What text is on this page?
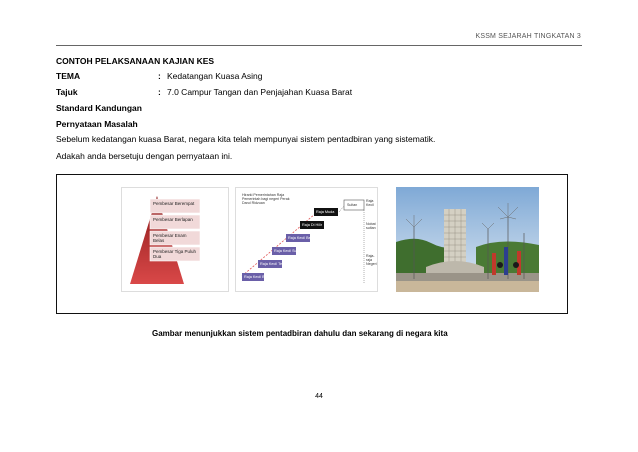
KSSM SEJARAH TINGKATAN 3
CONTOH PELAKSANAAN KAJIAN KES
TEMA	: Kedatangan Kuasa Asing
Tajuk	: 7.0 Campur Tangan dan Penjajahan Kuasa Barat
Standard Kandungan
Pernyataan Masalah
Sebelum kedatangan kuasa Barat, negara kita telah mempunyai sistem pentadbiran yang sistematik.
Adakah anda bersetuju dengan pernyataan ini.
Pembesar Berempat
Pembesar Berlapan
Pembesar Enam Belas
Pembesar Tiga Puluh Dua
Hirarki Pemerintahan Raja Pemerintah bagi negeri Perak Darul Ridzuan
Raja Kecil Bongsu
Raja Kecil Tengah
Raja Kecil Sulong
Raja Kecil Besar
Raja Di Hilir
Raja Muda
Sultan
Raja Kecil
Nobat sultan
Raja-raja Negeri
Gambar menunjukkan sistem pentadbiran dahulu dan sekarang di negara kita
44
